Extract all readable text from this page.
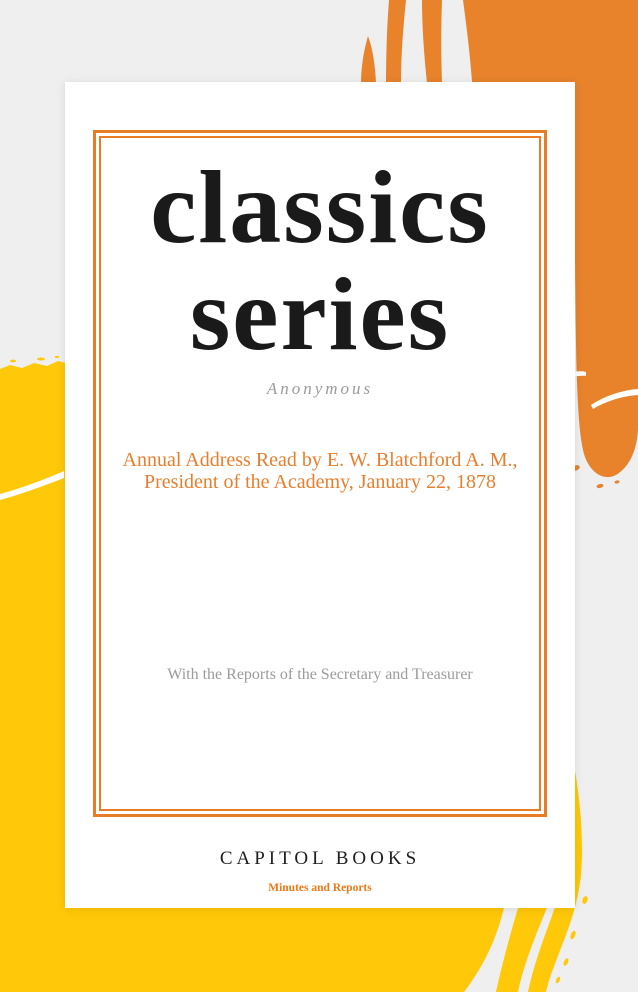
classics
series
Anonymous
Annual Address Read by E. W. Blatchford A. M.,
President of the Academy, January 22, 1878
With the Reports of the Secretary and Treasurer
CAPITOL BOOKS
Minutes and Reports
